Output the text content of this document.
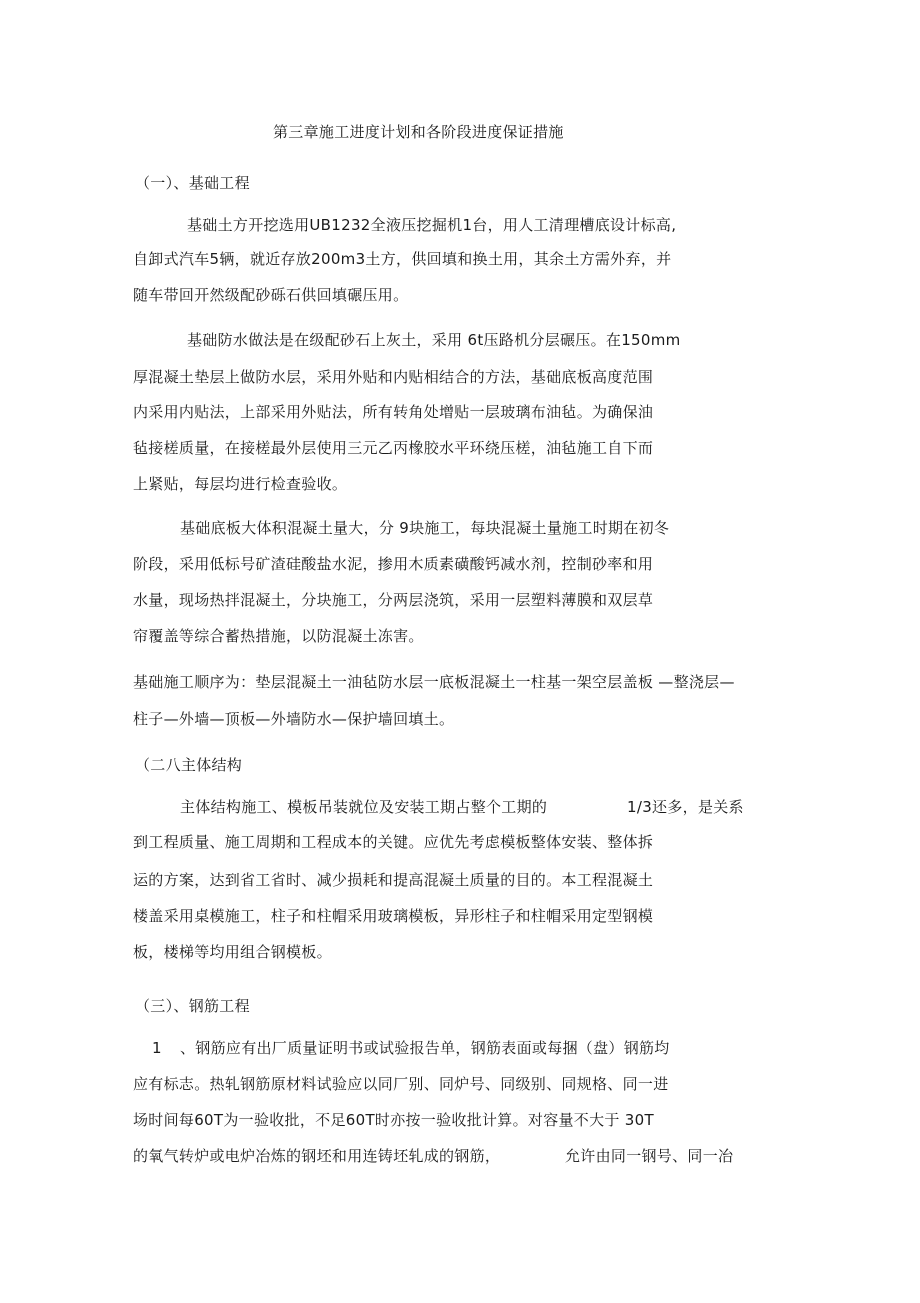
第三章施工进度计划和各阶段进度保证措施
（一）、基础工程
基础土方开挖选用UB1232全液压挖掘机1台，用人工清理槽底设计标高,
自卸式汽车5辆，就近存放200m3土方，供回填和换土用，其余土方需外弃，并
随车带回开然级配砂砾石供回填碾压用。
基础防水做法是在级配砂石上灰土，采用 6t压路机分层碾压。在150mm
厚混凝土垫层上做防水层，采用外贴和内贴相结合的方法，基础底板高度范围
内采用内贴法，上部采用外贴法，所有转角处增贴一层玻璃布油毡。为确保油
毡接槎质量，在接槎最外层使用三元乙丙橡胶水平环绕压槎，油毡施工自下而
上紧贴，每层均进行检查验收。
基础底板大体积混凝土量大，分 9块施工，每块混凝土量施工时期在初冬
阶段，采用低标号矿渣硅酸盐水泥，掺用木质素磺酸钙减水剂，控制砂率和用
水量，现场热拌混凝土，分块施工，分两层浇筑，采用一层塑料薄膜和双层草
帘覆盖等综合蓄热措施，以防混凝土冻害。
基础施工顺序为：垫层混凝土一油毡防水层一底板混凝土一柱基一架空层盖板 —整浇层—
柱子—外墙—顶板—外墙防水—保护墙回填土。
（二八主体结构
主体结构施工、模板吊装就位及安装工期占整个工期的	1/3还多，是关系
到工程质量、施工周期和工程成本的关键。应优先考虑模板整体安装、整体拆
运的方案，达到省工省时、减少损耗和提高混凝土质量的目的。本工程混凝土
楼盖采用桌模施工，柱子和柱帽采用玻璃模板，异形柱子和柱帽采用定型钢模
板，楼梯等均用组合钢模板。
（三）、钢筋工程
1 、钢筋应有出厂质量证明书或试验报告单，钢筋表面或每捆（盘）钢筋均
应有标志。热轧钢筋原材料试验应以同厂别、同炉号、同级别、同规格、同一进
场时间每60T为一验收批，不足60T时亦按一验收批计算。对容量不大于 30T
的氧气转炉或电炉冶炼的钢坯和用连铸坯轧成的钢筋，	允许由同一钢号、同一冶
